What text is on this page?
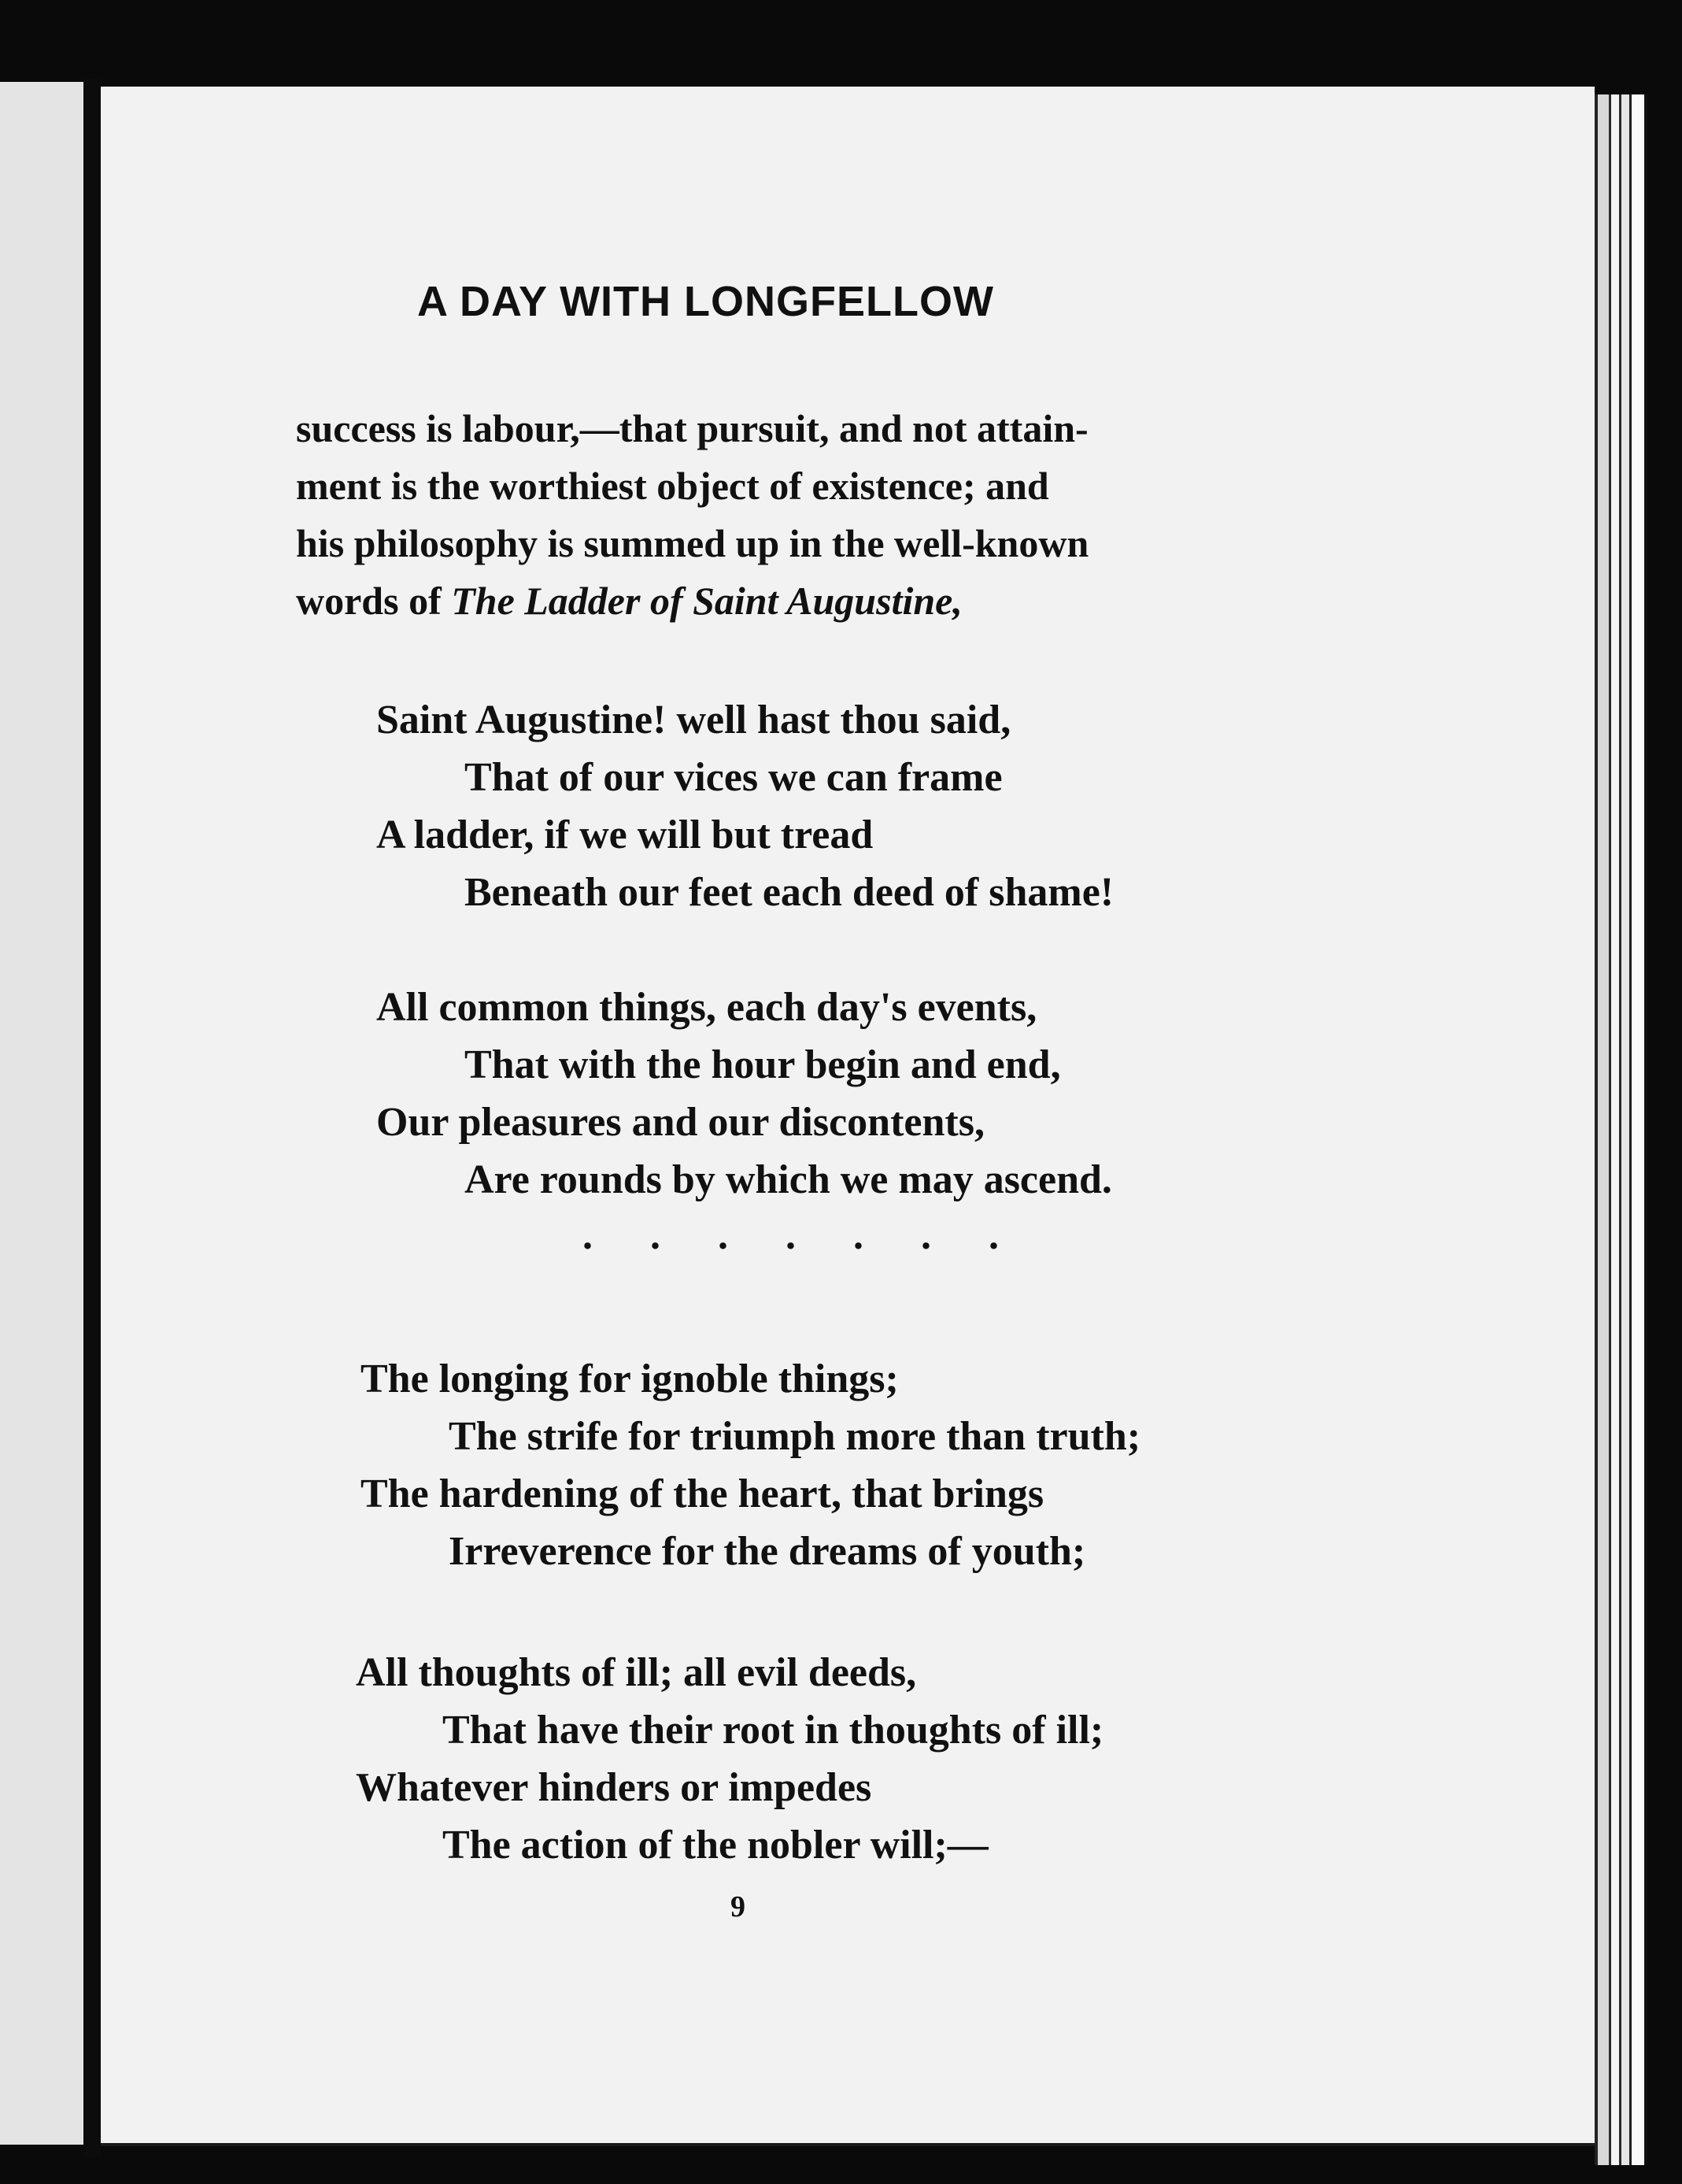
A DAY WITH LONGFELLOW
success is labour,—that pursuit, and not attain-
ment is the worthiest object of existence; and
his philosophy is summed up in the well-known
words of The Ladder of Saint Augustine,
Saint Augustine! well hast thou said,
That of our vices we can frame
A ladder, if we will but tread
Beneath our feet each deed of shame!
All common things, each day's events,
That with the hour begin and end,
Our pleasures and our discontents,
Are rounds by which we may ascend.
. . . . . . .
The longing for ignoble things;
The strife for triumph more than truth;
The hardening of the heart, that brings
Irreverence for the dreams of youth;
All thoughts of ill; all evil deeds,
That have their root in thoughts of ill;
Whatever hinders or impedes
The action of the nobler will;—
9
